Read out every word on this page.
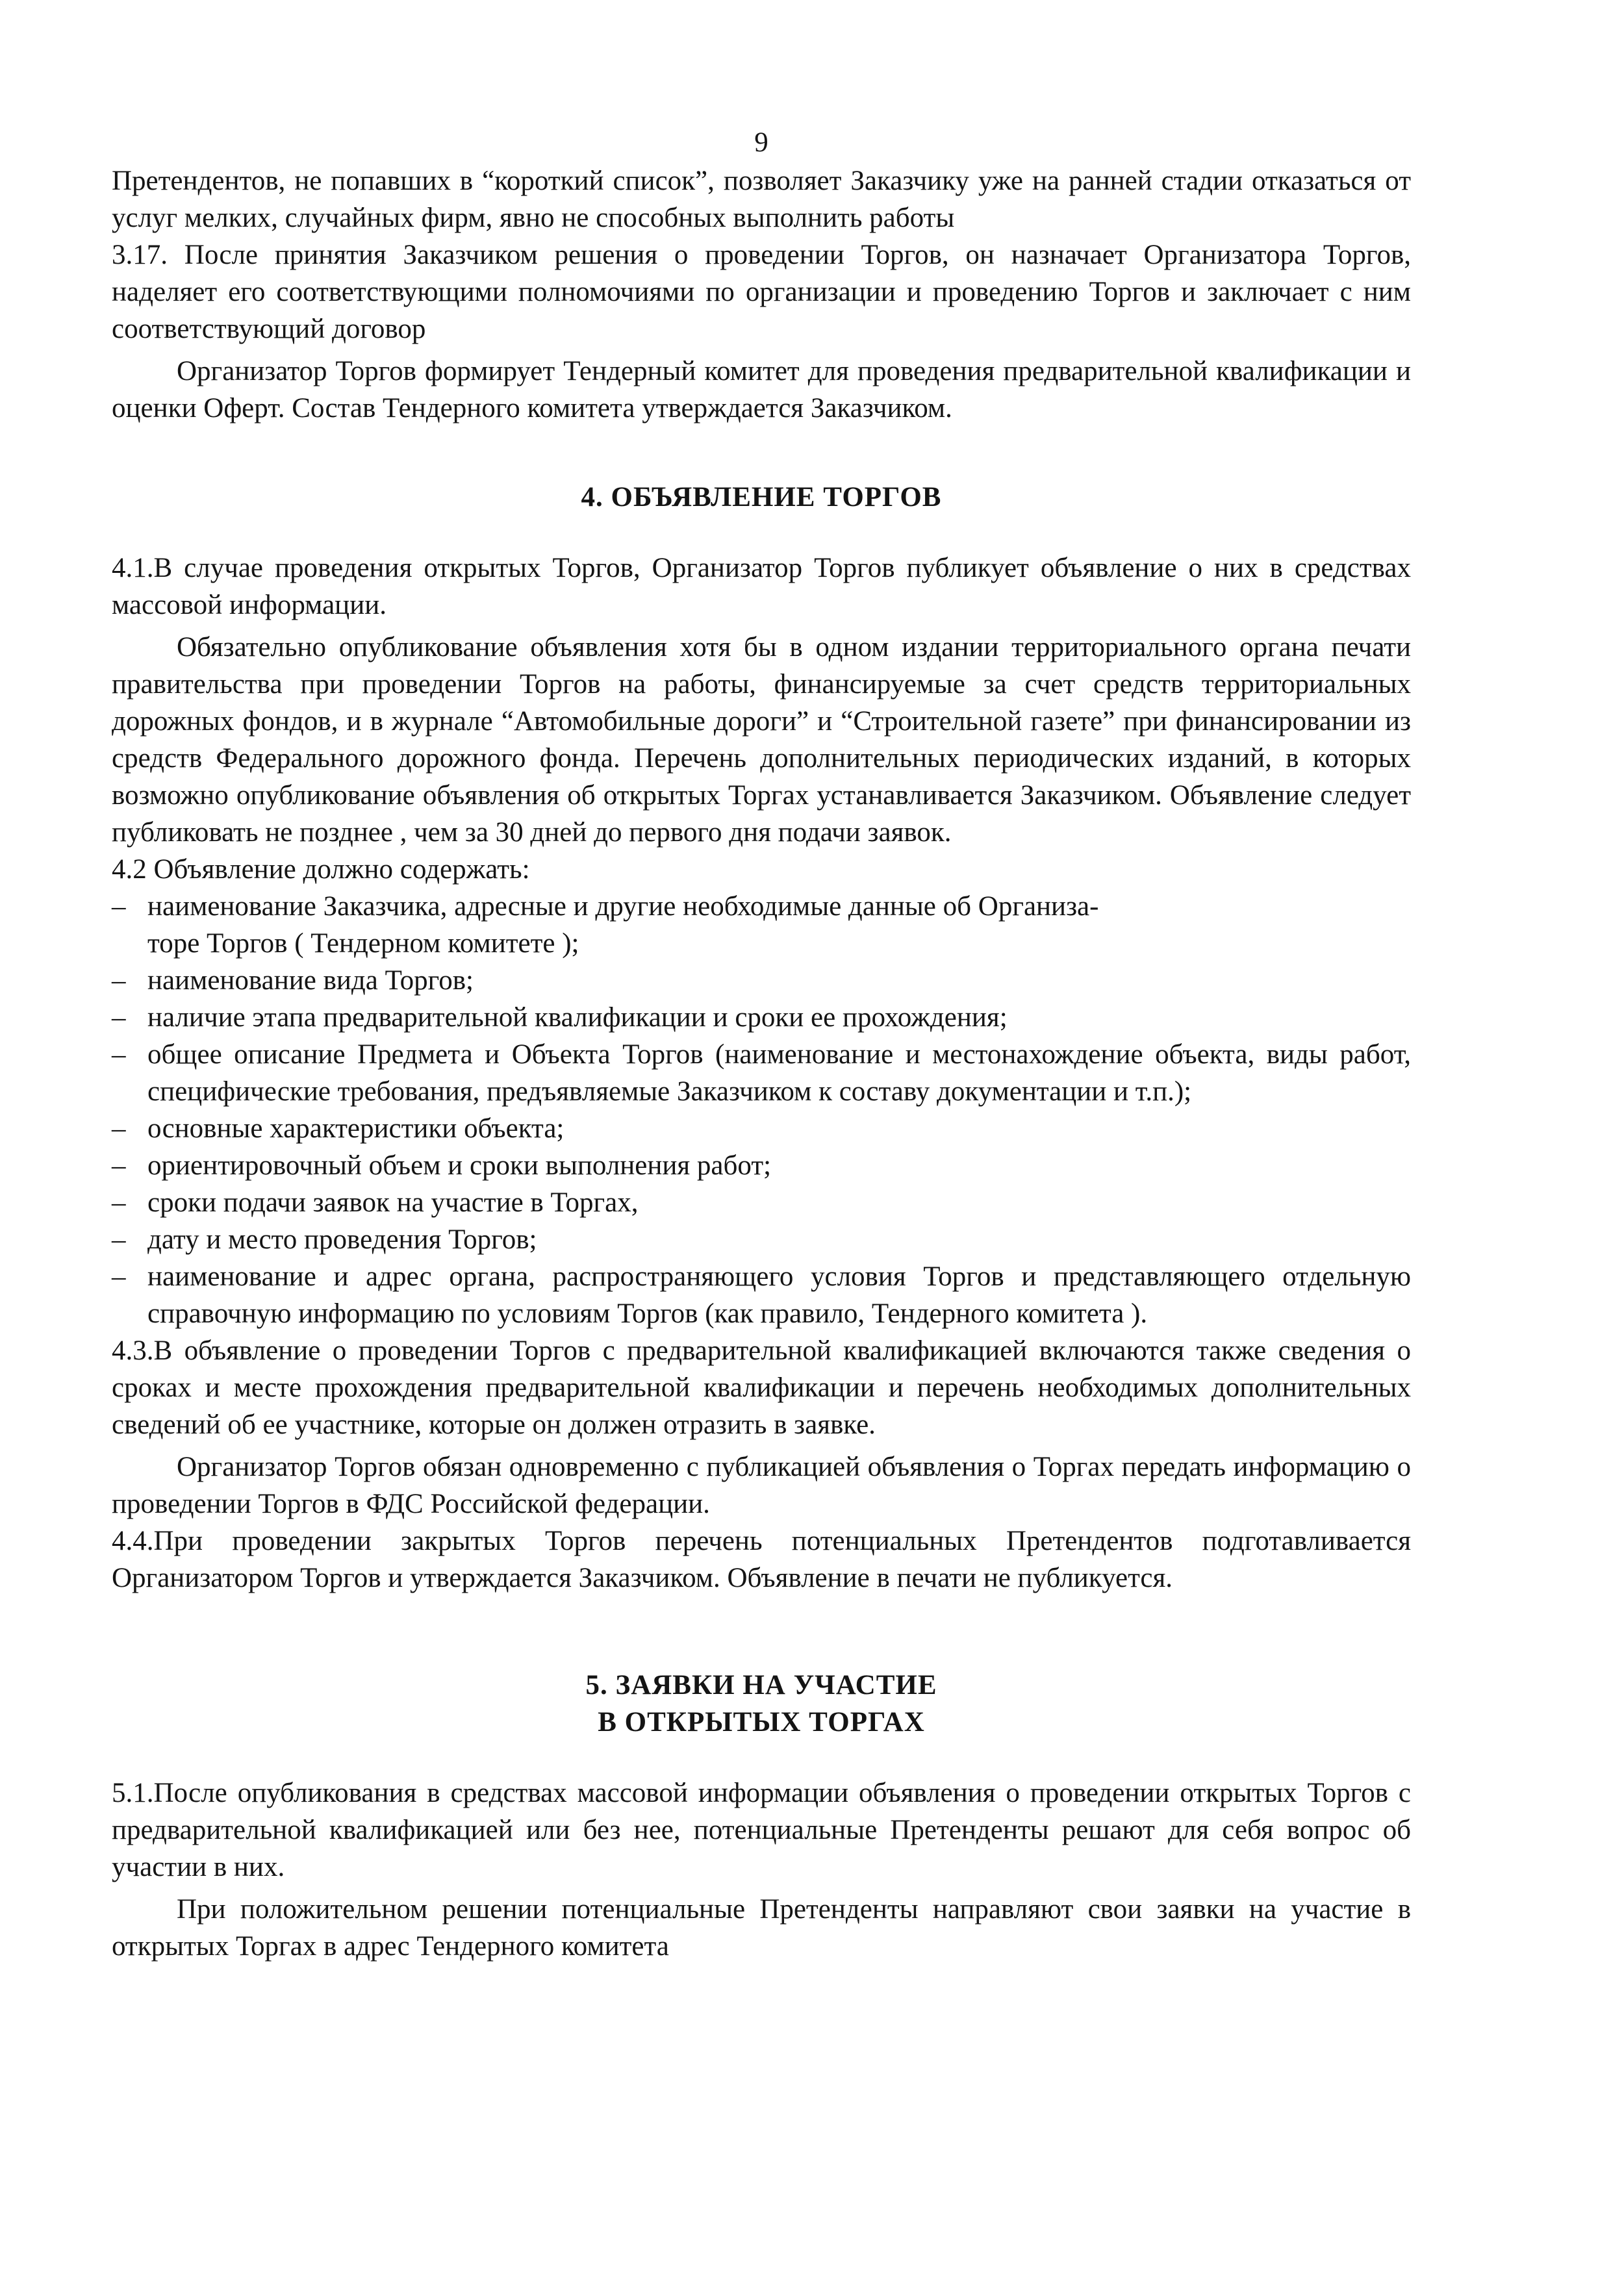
9

Претендентов, не попавших в “короткий список”, позволяет Заказчику уже на ранней стадии отказаться от услуг мелких, случайных фирм, явно не способных выполнить работы

3.17. После принятия Заказчиком решения о проведении Торгов, он назначает Организатора Торгов, наделяет его соответствующими полномочиями по организации и проведению Торгов и заключает с ним соответствующий договор

Организатор Торгов формирует Тендерный комитет для проведения предварительной квалификации и оценки Оферт. Состав Тендерного комитета утверждается Заказчиком.

4. ОБЪЯВЛЕНИЕ ТОРГОВ

4.1.В случае проведения открытых Торгов, Организатор Торгов публикует объявление о них в средствах массовой информации.

Обязательно опубликование объявления хотя бы в одном издании территориального органа печати правительства при проведении Торгов на работы, финансируемые за счет средств территориальных дорожных фондов, и в журнале “Автомобильные дороги” и “Строительной газете” при финансировании из средств Федерального дорожного фонда. Перечень дополнительных периодических изданий, в которых возможно опубликование объявления об открытых Торгах устанавливается Заказчиком. Объявление следует публиковать не позднее , чем за 30 дней до первого дня подачи заявок.

4.2 Объявление должно содержать:

– наименование Заказчика, адресные и другие необходимые данные об Организа-
торе Торгов ( Тендерном комитете );
– наименование вида Торгов;
– наличие этапа предварительной квалификации и сроки ее прохождения;
– общее описание Предмета и Объекта Торгов (наименование и местонахождение объекта, виды работ, специфические требования, предъявляемые Заказчиком к составу документации и т.п.);
– основные характеристики объекта;
– ориентировочный объем и сроки выполнения работ;
– сроки подачи заявок на участие в Торгах,
– дату и место проведения Торгов;
– наименование и адрес органа, распространяющего условия Торгов и представляющего отдельную справочную информацию по условиям Торгов (как правило, Тендерного комитета ).

4.3.В объявление о проведении Торгов с предварительной квалификацией включаются также сведения о сроках и месте прохождения предварительной квалификации и перечень необходимых дополнительных сведений об ее участнике, которые он должен отразить в заявке.

Организатор Торгов обязан одновременно с публикацией объявления о Торгах передать информацию о проведении Торгов в ФДС Российской федерации.

4.4.При проведении закрытых Торгов перечень потенциальных Претендентов подготавливается Организатором Торгов и утверждается Заказчиком. Объявление в печати не публикуется.

5. ЗАЯВКИ НА УЧАСТИЕ
В ОТКРЫТЫХ ТОРГАХ

5.1.После опубликования в средствах массовой информации объявления о проведении открытых Торгов с предварительной квалификацией или без нее, потенциальные Претенденты решают для себя вопрос об участии в них.

При положительном решении потенциальные Претенденты направляют свои заявки на участие в открытых Торгах в адрес Тендерного комитета
